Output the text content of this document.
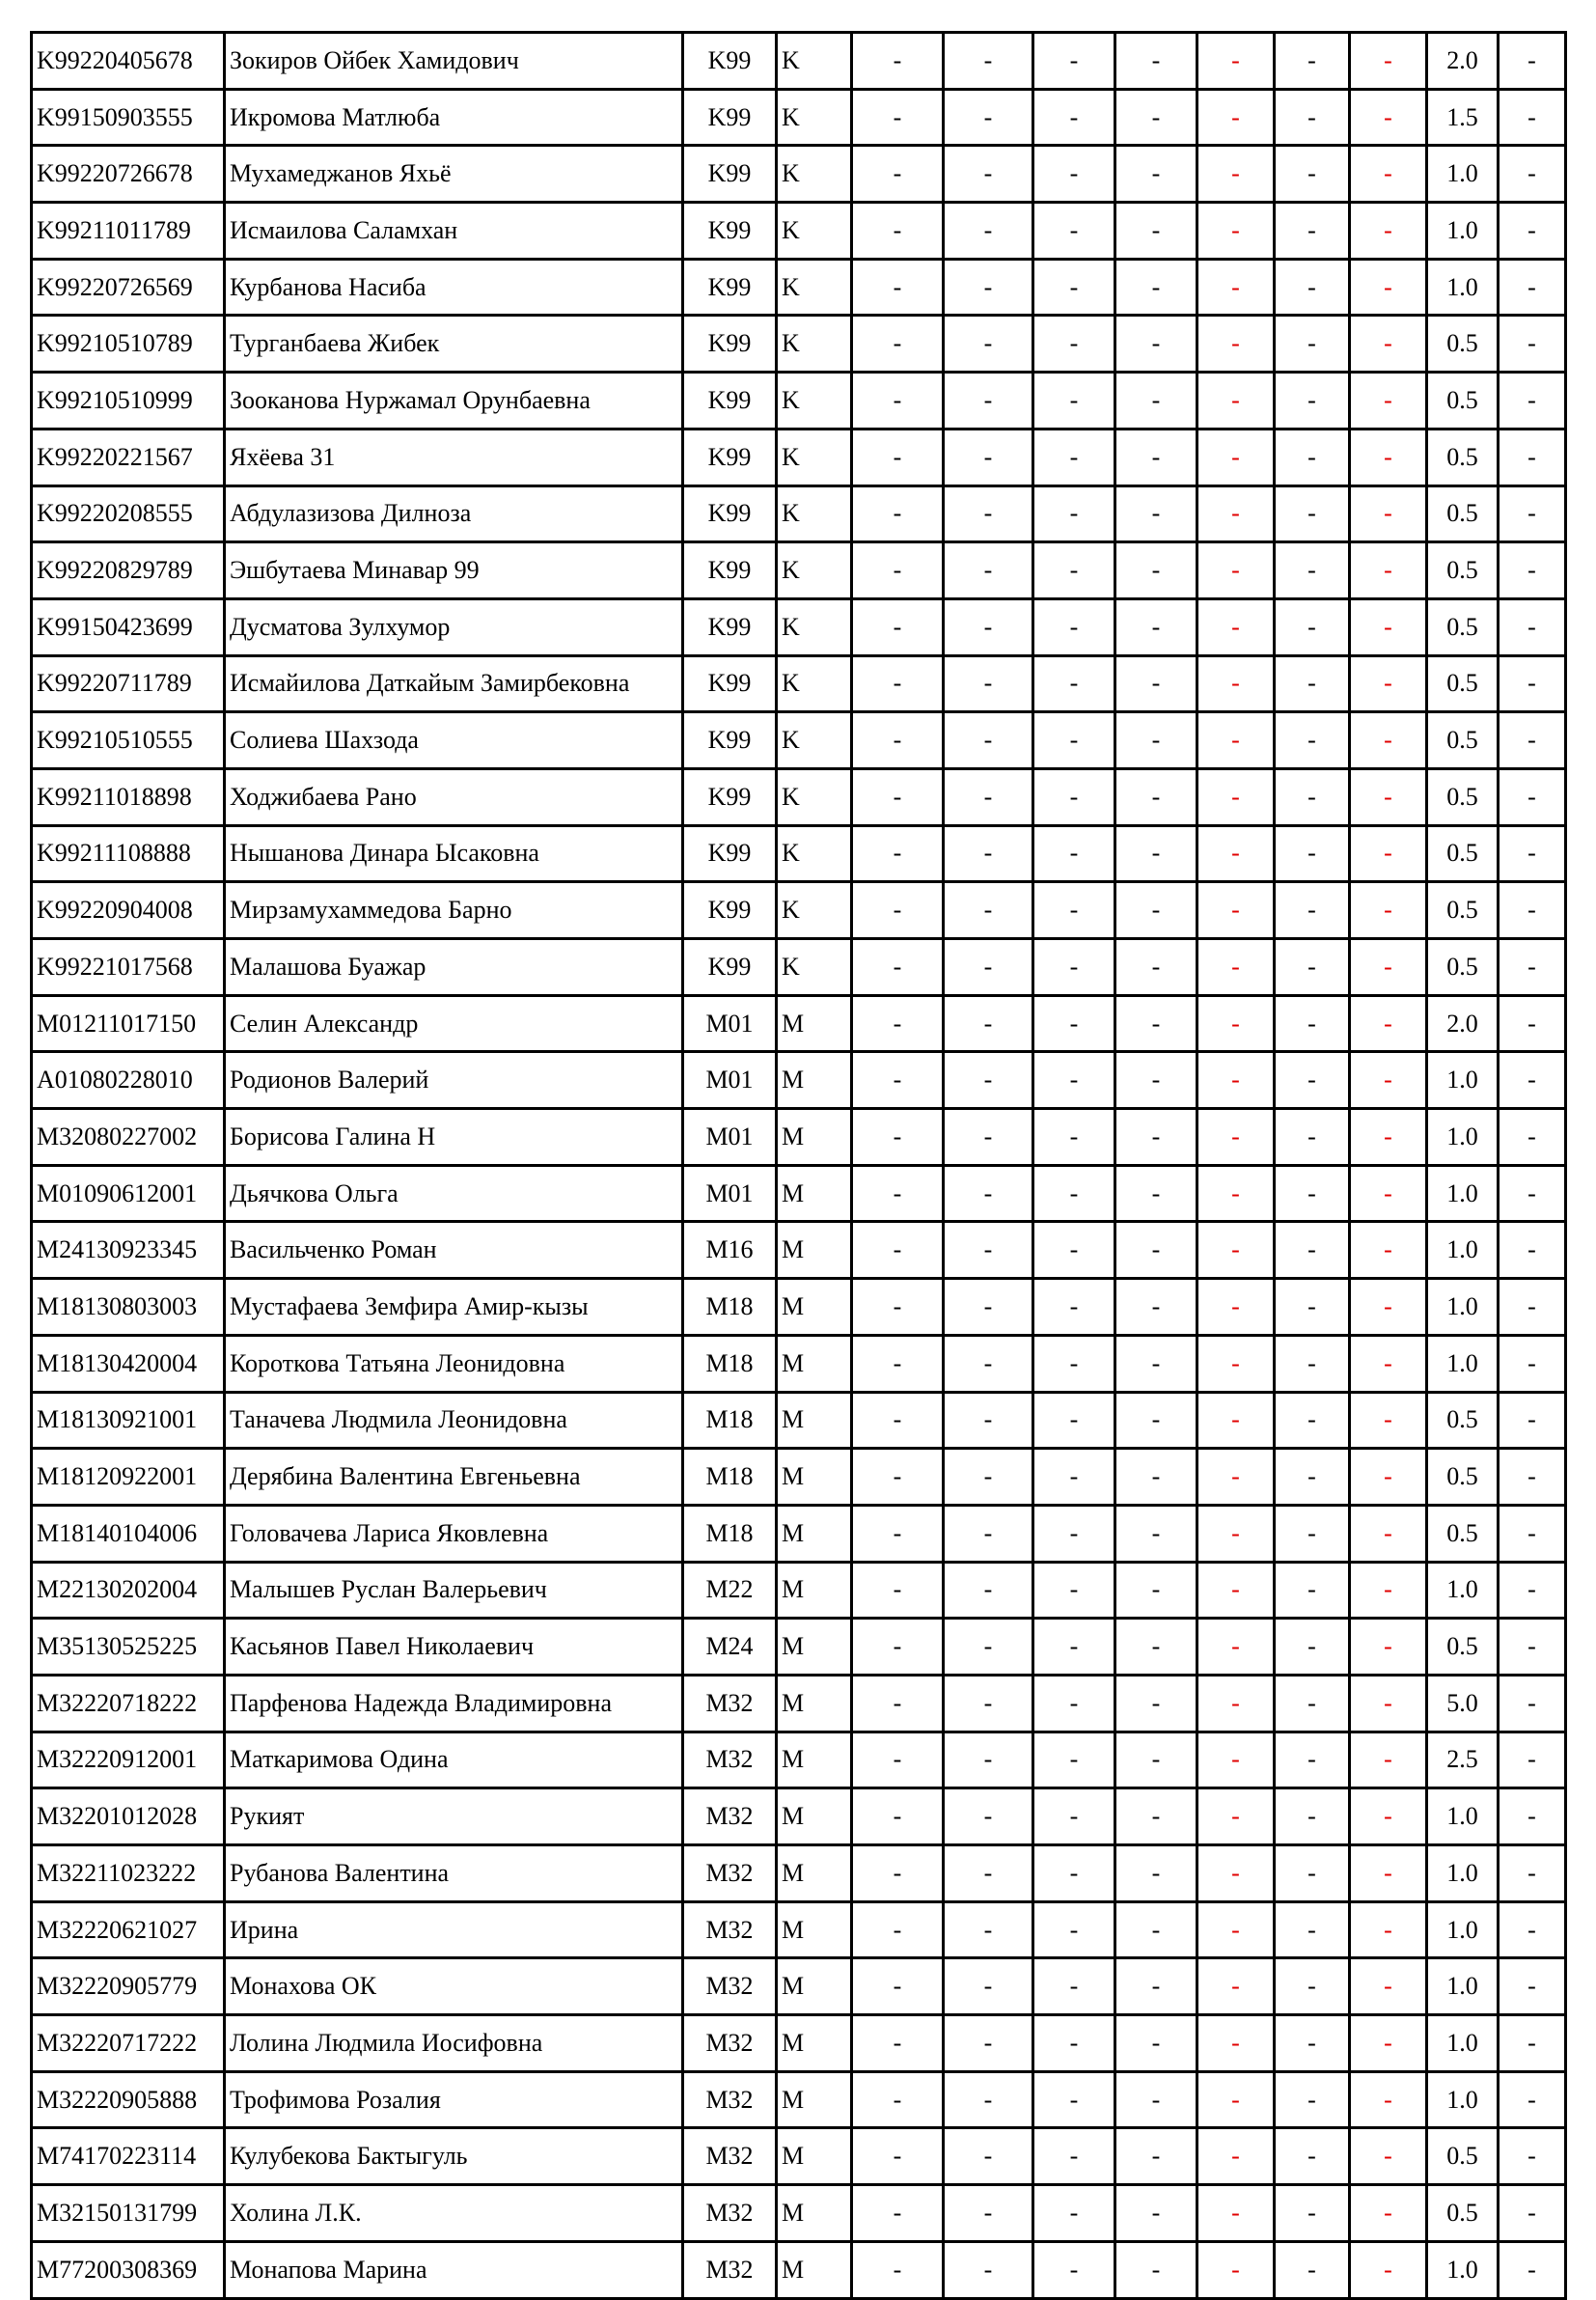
K99220405678	Зокиров Ойбек Хамидович	K99	K	-	-	-	-	-	-	-	2.0	-
K99150903555	Икромова Матлюба	K99	K	-	-	-	-	-	-	-	1.5	-
K99220726678	Мухамеджанов Яхьё	K99	K	-	-	-	-	-	-	-	1.0	-
K99211011789	Исмаилова Саламхан	K99	K	-	-	-	-	-	-	-	1.0	-
K99220726569	Курбанова Насиба	K99	K	-	-	-	-	-	-	-	1.0	-
K99210510789	Турганбаева Жибек	K99	K	-	-	-	-	-	-	-	0.5	-
K99210510999	Зооканова Нуржамал Орунбаевна	K99	K	-	-	-	-	-	-	-	0.5	-
K99220221567	Яхёева 31	K99	K	-	-	-	-	-	-	-	0.5	-
K99220208555	Абдулазизова Дилноза	K99	K	-	-	-	-	-	-	-	0.5	-
K99220829789	Эшбутаева Минавар 99	K99	K	-	-	-	-	-	-	-	0.5	-
K99150423699	Дусматова Зулхумор	K99	K	-	-	-	-	-	-	-	0.5	-
K99220711789	Исмайилова Даткайым Замирбековна	K99	K	-	-	-	-	-	-	-	0.5	-
K99210510555	Солиева Шахзода	K99	K	-	-	-	-	-	-	-	0.5	-
K99211018898	Ходжибаева Рано	K99	K	-	-	-	-	-	-	-	0.5	-
K99211108888	Нышанова Динара Ысаковна	K99	K	-	-	-	-	-	-	-	0.5	-
K99220904008	Мирзамухаммедова Барно	K99	K	-	-	-	-	-	-	-	0.5	-
K99221017568	Малашова Буажар	K99	K	-	-	-	-	-	-	-	0.5	-
M01211017150	Селин Александр	M01	M	-	-	-	-	-	-	-	2.0	-
A01080228010	Родионов Валерий	M01	M	-	-	-	-	-	-	-	1.0	-
M32080227002	Борисова Галина Н	M01	M	-	-	-	-	-	-	-	1.0	-
M01090612001	Дьячкова Ольга	M01	M	-	-	-	-	-	-	-	1.0	-
M24130923345	Васильченко Роман	M16	M	-	-	-	-	-	-	-	1.0	-
M18130803003	Мустафаева Земфира Амир-кызы	M18	M	-	-	-	-	-	-	-	1.0	-
M18130420004	Короткова Татьяна Леонидовна	M18	M	-	-	-	-	-	-	-	1.0	-
M18130921001	Таначева Людмила Леонидовна	M18	M	-	-	-	-	-	-	-	0.5	-
M18120922001	Дерябина Валентина Евгеньевна	M18	M	-	-	-	-	-	-	-	0.5	-
M18140104006	Головачева Лариса Яковлевна	M18	M	-	-	-	-	-	-	-	0.5	-
M22130202004	Малышев Руслан Валерьевич	M22	M	-	-	-	-	-	-	-	1.0	-
M35130525225	Касьянов Павел Николаевич	M24	M	-	-	-	-	-	-	-	0.5	-
M32220718222	Парфенова Надежда Владимировна	M32	M	-	-	-	-	-	-	-	5.0	-
M32220912001	Маткаримова Одина	M32	M	-	-	-	-	-	-	-	2.5	-
M32201012028	Рукият	M32	M	-	-	-	-	-	-	-	1.0	-
M32211023222	Рубанова Валентина	M32	M	-	-	-	-	-	-	-	1.0	-
M32220621027	Ирина	M32	M	-	-	-	-	-	-	-	1.0	-
M32220905779	Монахова ОК	M32	M	-	-	-	-	-	-	-	1.0	-
M32220717222	Лолина Людмила Иосифовна	M32	M	-	-	-	-	-	-	-	1.0	-
M32220905888	Трофимова Розалия	M32	M	-	-	-	-	-	-	-	1.0	-
M74170223114	Кулубекова Бактыгуль	M32	M	-	-	-	-	-	-	-	0.5	-
M32150131799	Холина Л.К.	M32	M	-	-	-	-	-	-	-	0.5	-
M77200308369	Монапова Марина	M32	M	-	-	-	-	-	-	-	1.0	-
